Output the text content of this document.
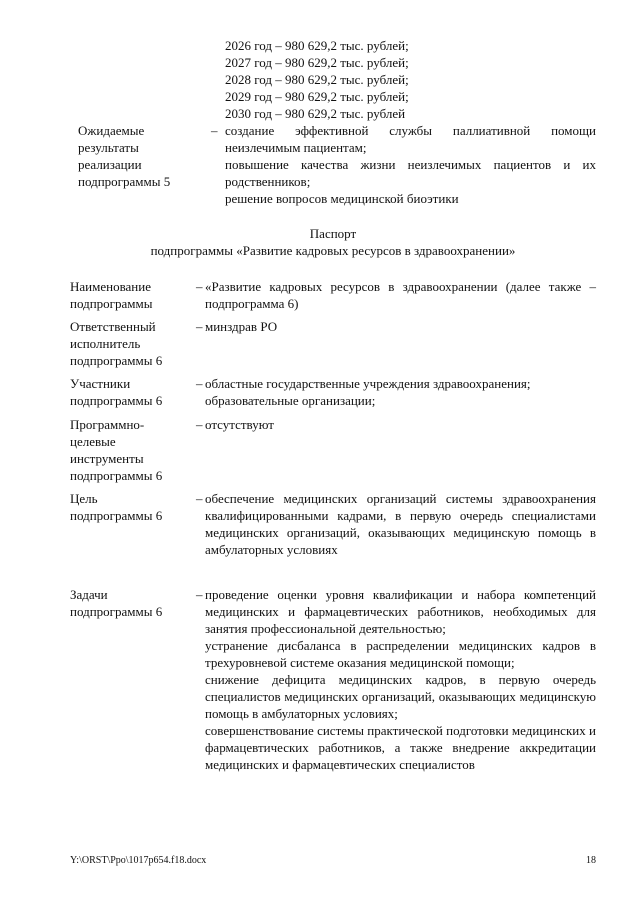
2026 год – 980 629,2 тыс. рублей;
2027 год – 980 629,2 тыс. рублей;
2028 год – 980 629,2 тыс. рублей;
2029 год – 980 629,2 тыс. рублей;
2030 год – 980 629,2 тыс. рублей
Ожидаемые
результаты
реализации
подпрограммы 5
– создание эффективной службы паллиативной помощи неизлечимым пациентам;

повышение качества жизни неизлечимых пациентов и их родственников;

решение вопросов медицинской биоэтики

Паспорт
подпрограммы «Развитие кадровых ресурсов в здравоохранении»
Наименование
подпрограммы
– «Развитие кадровых ресурсов в здравоохранении (далее также – подпрограмма 6)

Ответственный
исполнитель
подпрограммы 6
– минздрав РО

Участники
подпрограммы 6
– областные государственные учреждения здравоохранения;

образовательные организации;

Программно-
целевые
инструменты
подпрограммы 6
– отсутствуют

Цель
подпрограммы 6
– обеспечение медицинских организаций системы здравоохранения квалифицированными кадрами, в первую очередь специалистами медицинских организаций, оказывающих медицинскую помощь в амбулаторных условиях

Задачи
подпрограммы 6
– проведение оценки уровня квалификации и набора компетенций медицинских и фармацевтических работников, необходимых для занятия профессиональной деятельностью;

устранение дисбаланса в распределении медицинских кадров в трехуровневой системе оказания медицинской помощи;

снижение дефицита медицинских кадров, в первую очередь специалистов медицинских организаций, оказывающих медицинскую помощь в амбулаторных условиях;

совершенствование системы практической подготовки медицинских и фармацевтических работников, а также внедрение аккредитации медицинских и фармацевтических специалистов

Y:\ORST\Ppo\1017p654.f18.docx	18
